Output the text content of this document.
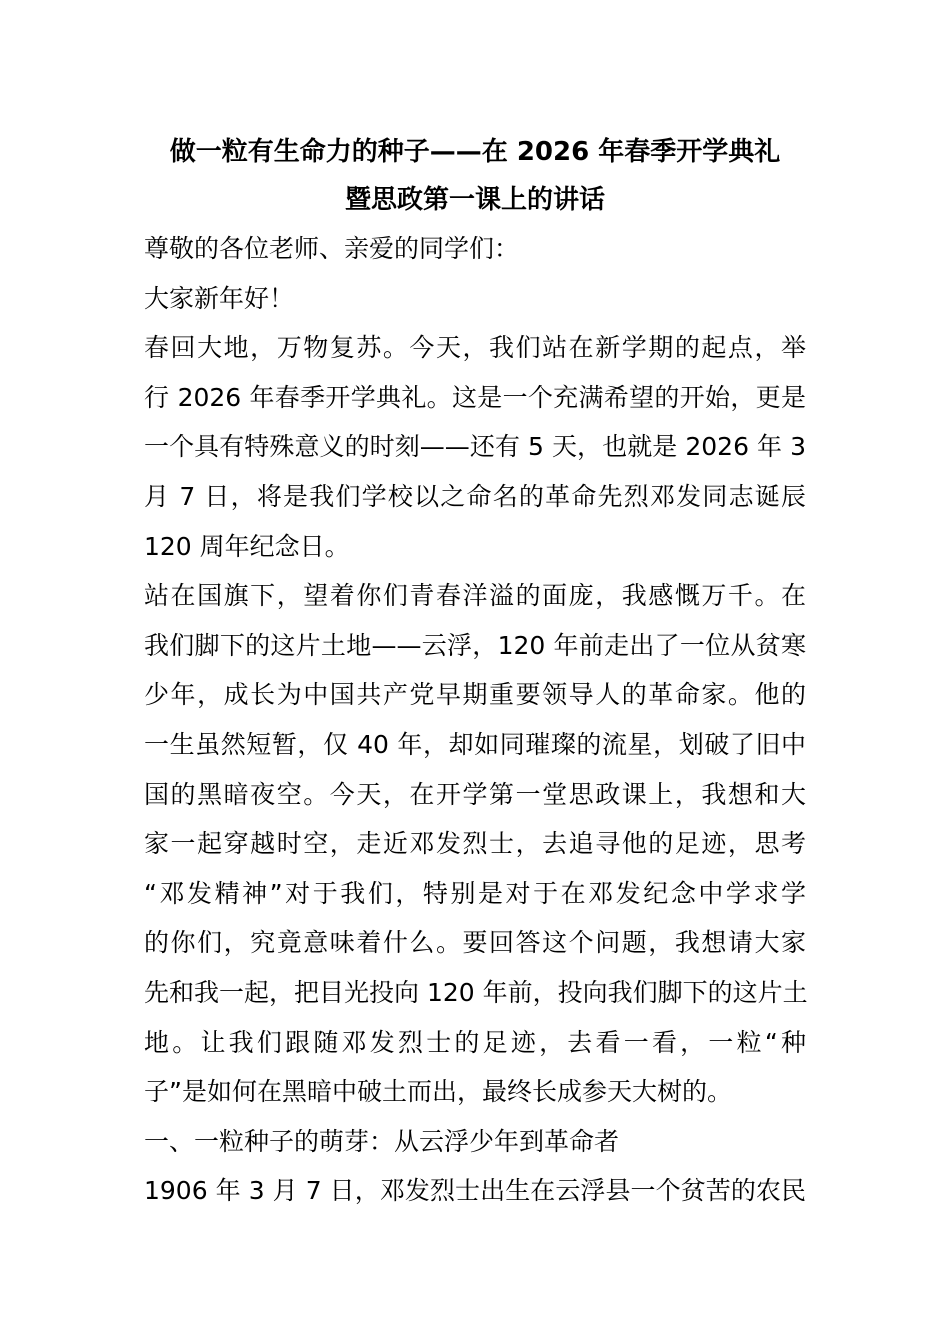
做一粒有生命力的种子——在 2026 年春季开学典礼
暨思政第一课上的讲话

尊敬的各位老师、亲爱的同学们：

大家新年好！

春回大地，万物复苏。今天，我们站在新学期的起点，举
行 2026 年春季开学典礼。这是一个充满希望的开始，更是
一个具有特殊意义的时刻——还有 5 天，也就是 2026 年 3
月 7 日，将是我们学校以之命名的革命先烈邓发同志诞辰
120 周年纪念日。

站在国旗下，望着你们青春洋溢的面庞，我感慨万千。在
我们脚下的这片土地——云浮，120 年前走出了一位从贫寒
少年，成长为中国共产党早期重要领导人的革命家。他的
一生虽然短暂，仅 40 年，却如同璀璨的流星，划破了旧中
国的黑暗夜空。今天，在开学第一堂思政课上，我想和大
家一起穿越时空，走近邓发烈士，去追寻他的足迹，思考
“邓发精神”对于我们，特别是对于在邓发纪念中学求学
的你们，究竟意味着什么。要回答这个问题，我想请大家
先和我一起，把目光投向 120 年前，投向我们脚下的这片土
地。让我们跟随邓发烈士的足迹，去看一看，一粒“种
子”是如何在黑暗中破土而出，最终长成参天大树的。

一、一粒种子的萌芽：从云浮少年到革命者

1906 年 3 月 7 日，邓发烈士出生在云浮县一个贫苦的农民
